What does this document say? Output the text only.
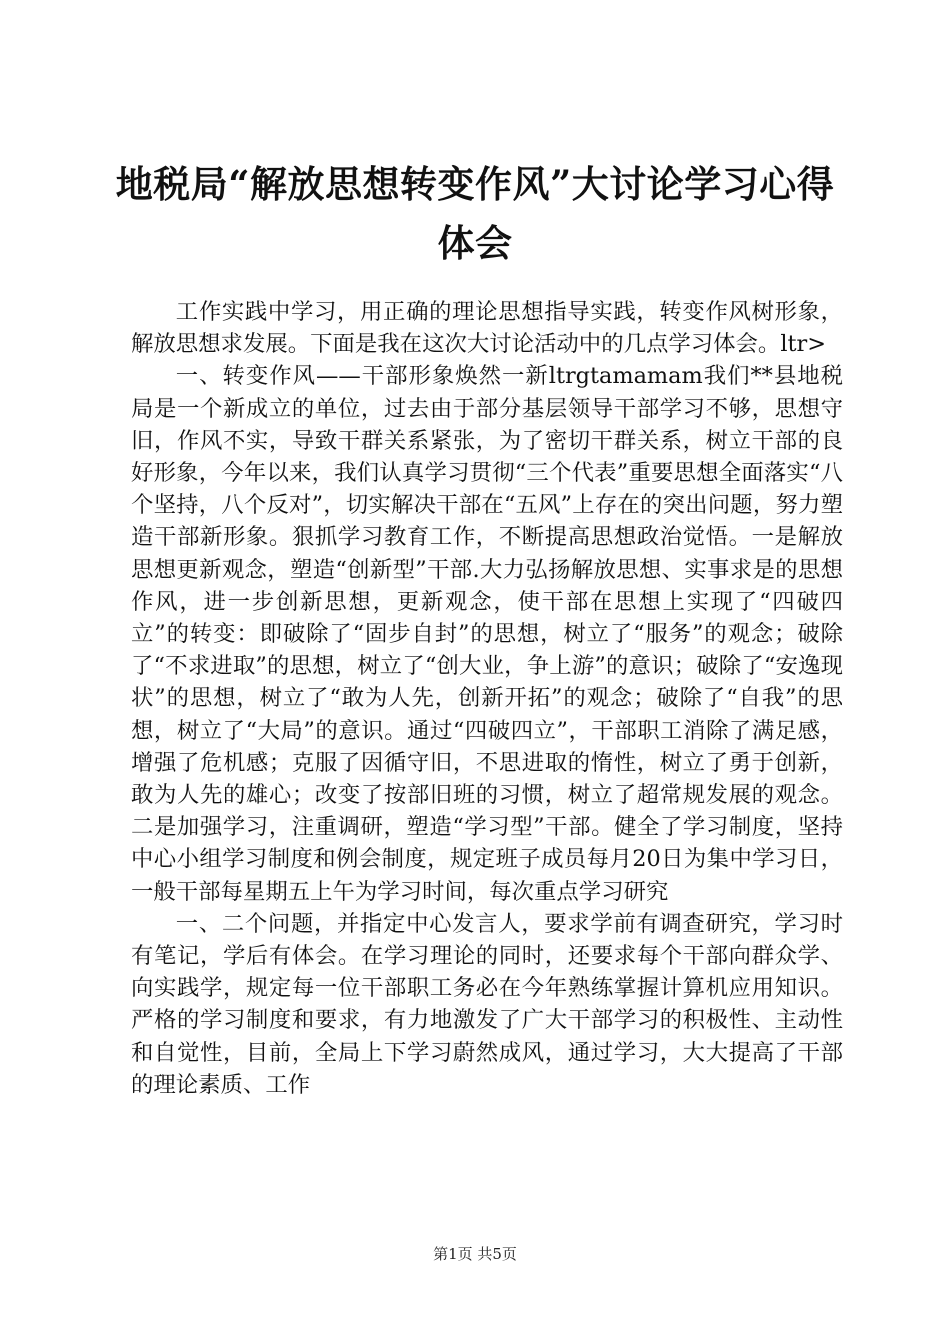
地税局“解放思想转变作风”大讨论学习心得
体会

工作实践中学习，用正确的理论思想指导实践，转变作风树形象，解放思想求发展。下面是我在这次大讨论活动中的几点学习体会。ltr>

一、转变作风——干部形象焕然一新ltrgtamamam我们**县地税局是一个新成立的单位，过去由于部分基层领导干部学习不够，思想守旧，作风不实，导致干群关系紧张，为了密切干群关系，树立干部的良好形象，今年以来，我们认真学习贯彻“三个代表”重要思想全面落实“八个坚持，八个反对”，切实解决干部在“五风”上存在的突出问题，努力塑造干部新形象。狠抓学习教育工作，不断提高思想政治觉悟。一是解放思想更新观念，塑造“创新型”干部.大力弘扬解放思想、实事求是的思想作风，进一步创新思想，更新观念，使干部在思想上实现了“四破四立”的转变：即破除了“固步自封”的思想，树立了“服务”的观念；破除了“不求进取”的思想，树立了“创大业，争上游”的意识；破除了“安逸现状”的思想，树立了“敢为人先，创新开拓”的观念；破除了“自我”的思想，树立了“大局”的意识。通过“四破四立”，干部职工消除了满足感，增强了危机感；克服了因循守旧，不思进取的惰性，树立了勇于创新，敢为人先的雄心；改变了按部旧班的习惯，树立了超常规发展的观念。二是加强学习，注重调研，塑造“学习型”干部。健全了学习制度，坚持中心小组学习制度和例会制度，规定班子成员每月20日为集中学习日，一般干部每星期五上午为学习时间，每次重点学习研究

一、二个问题，并指定中心发言人，要求学前有调查研究，学习时有笔记，学后有体会。在学习理论的同时，还要求每个干部向群众学、向实践学，规定每一位干部职工务必在今年熟练掌握计算机应用知识。严格的学习制度和要求，有力地激发了广大干部学习的积极性、主动性和自觉性，目前，全局上下学习蔚然成风，通过学习，大大提高了干部的理论素质、工作

第1页 共5页
